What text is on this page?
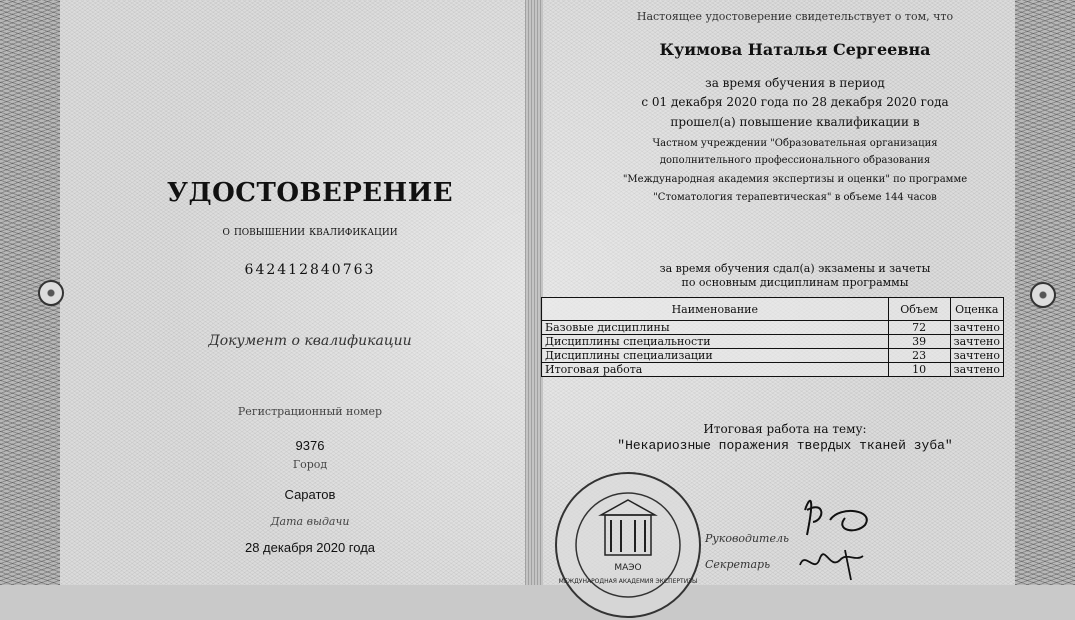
УДОСТОВЕРЕНИЕ
о повышении квалификации
642412840763
Документ о квалификации
Регистрационный номер
9376
Город
Саратов
Дата выдачи
28 декабря 2020 года
Настоящее удостоверение свидетельствует о том, что
Куимова Наталья Сергеевна
за время обучения в период
с 01 декабря 2020 года по 28 декабря 2020 года
прошел(а) повышение квалификации в
Частном учреждении "Образовательная организация
дополнительного профессионального образования
"Международная академия экспертизы и оценки" по программе
"Стоматология терапевтическая" в объеме 144 часов
за время обучения сдал(а) экзамены и зачеты
по основным дисциплинам программы
Наименование	Объем	Оценка
Базовые дисциплины	72	зачтено
Дисциплины специальности	39	зачтено
Дисциплины специализации	23	зачтено
Итоговая работа	10	зачтено
Итоговая работа на тему:
"Некариозные поражения твердых тканей зуба"
МАЭО
МЕЖДУНАРОДНАЯ АКАДЕМИЯ ЭКСПЕРТИЗЫ
Руководитель
Секретарь
